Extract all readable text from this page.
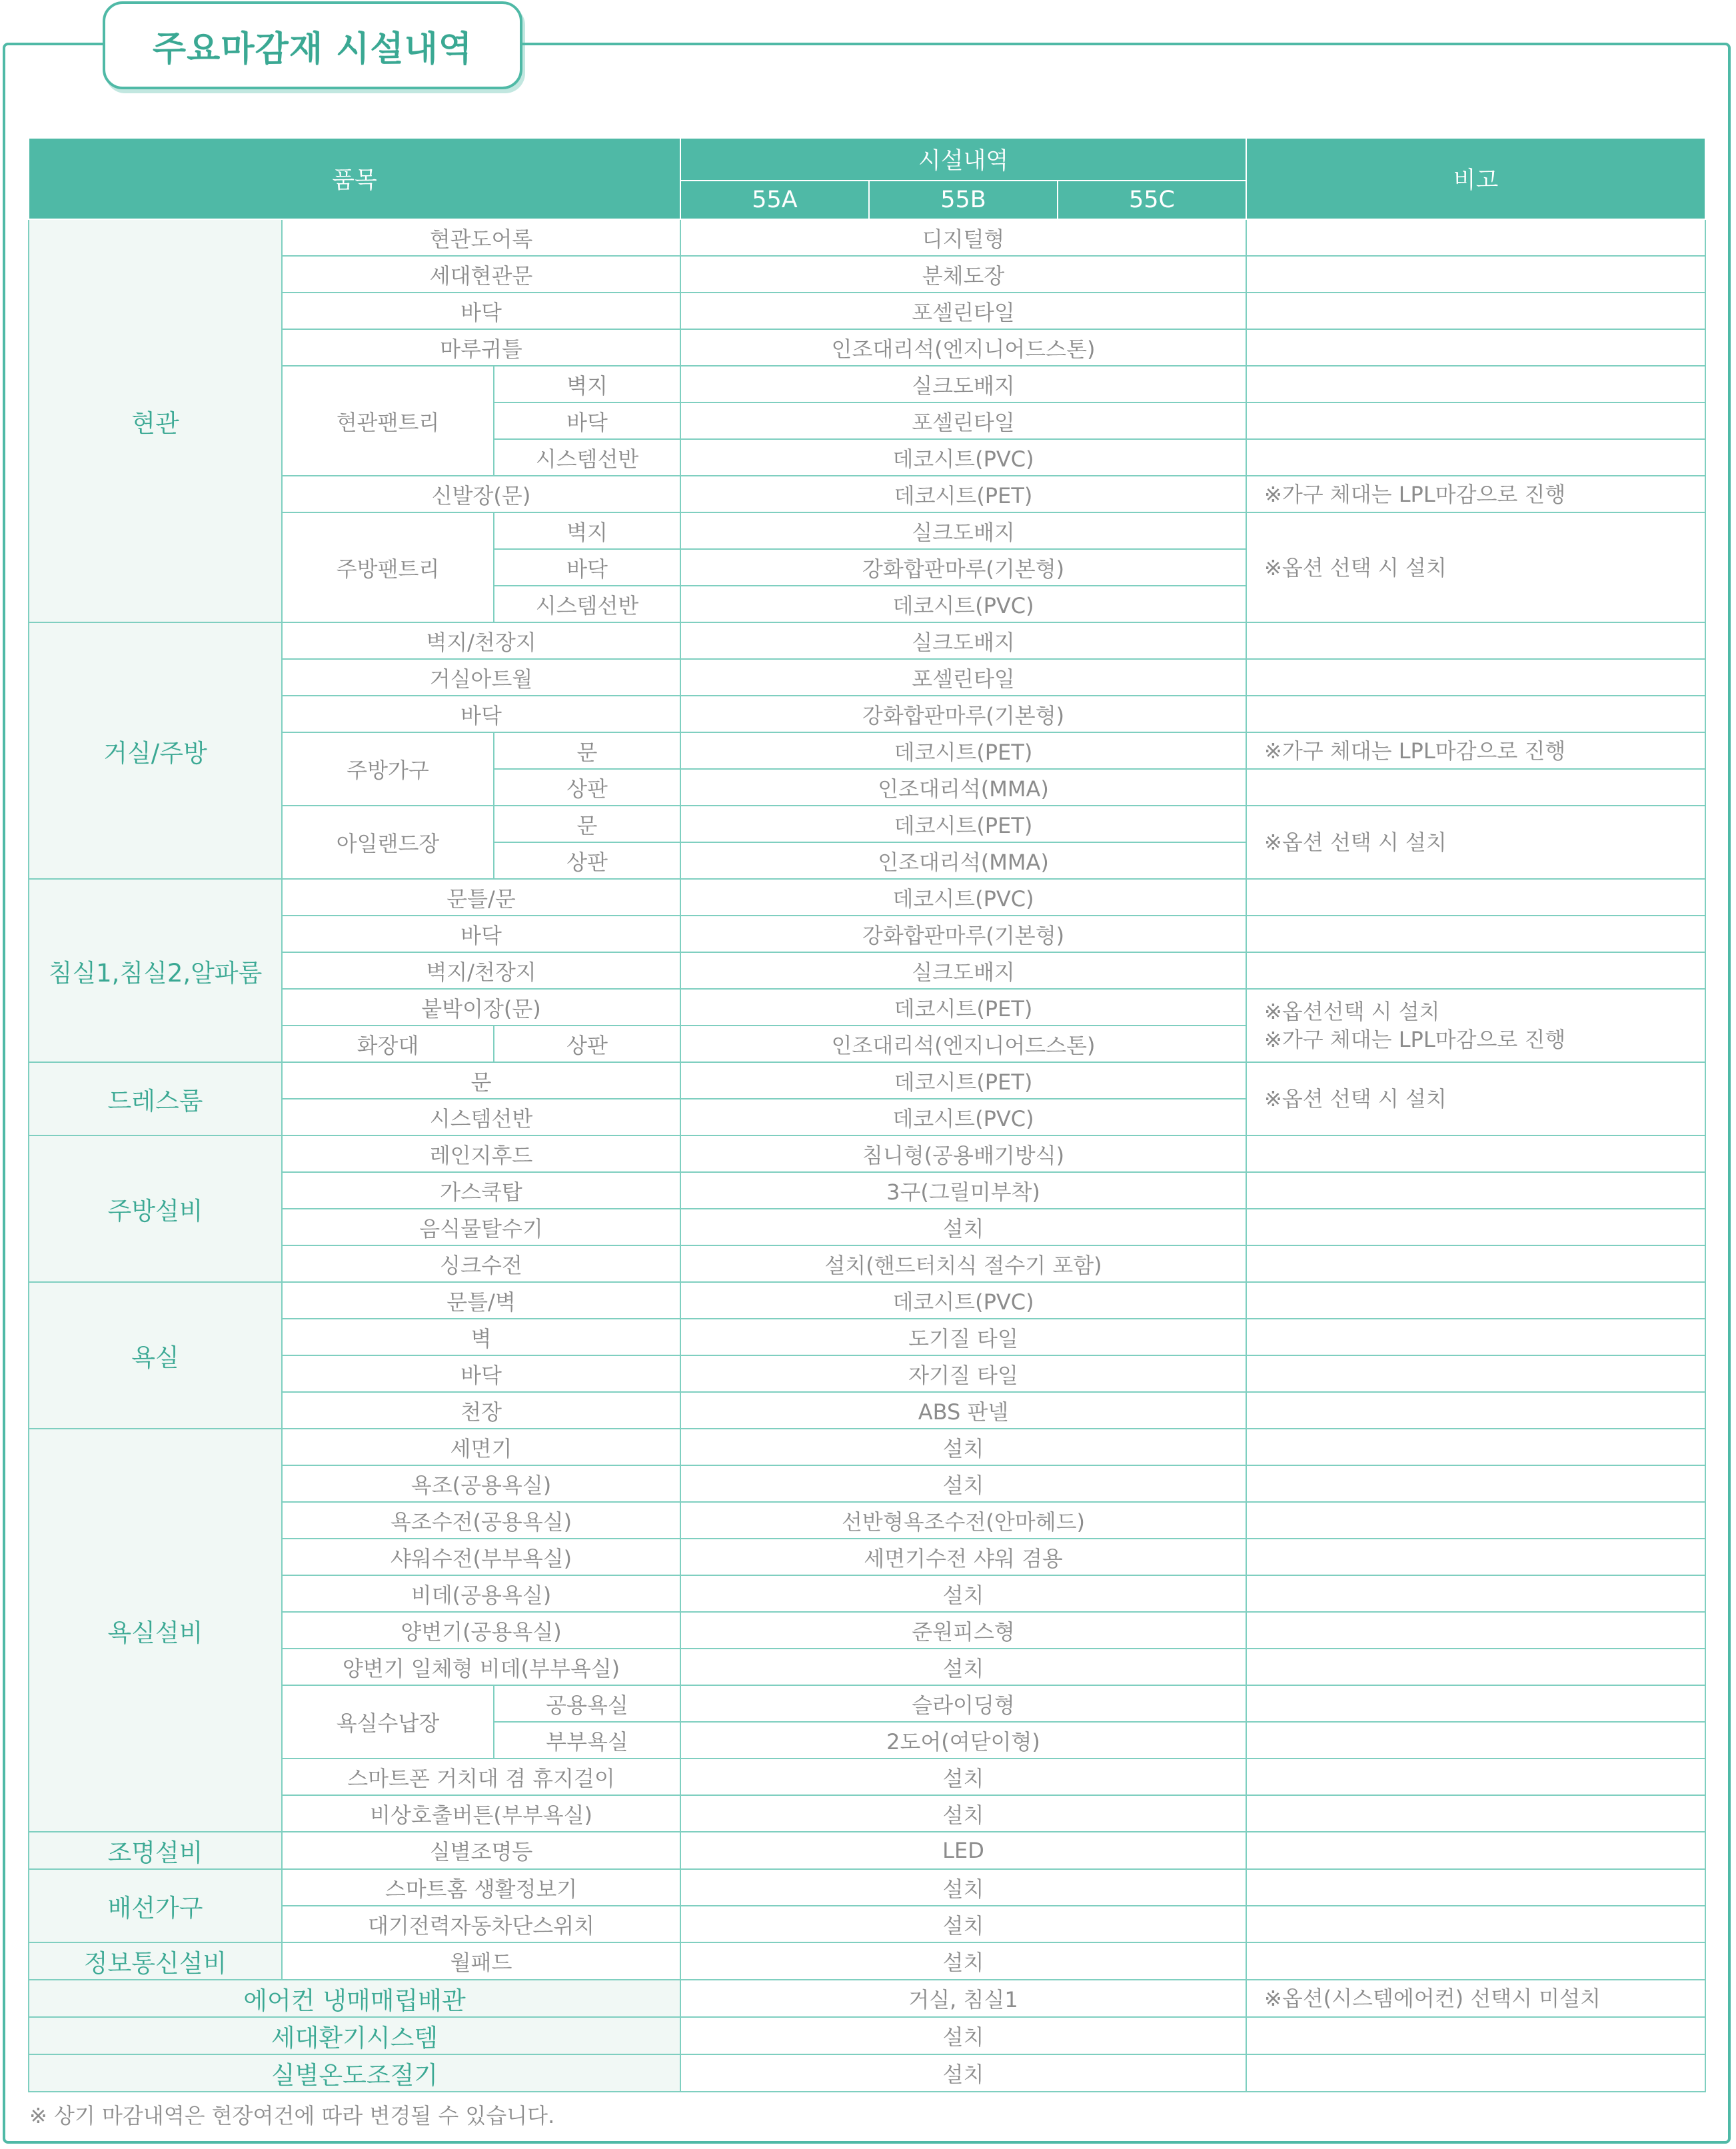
주요마감재 시설내역
품목			시설내역			비고
			55A	55B	55C	
현관	현관도어록		디지털형			
	세대현관문		분체도장			
	바닥		포셀린타일			
	마루귀틀		인조대리석(엔지니어드스톤)			
	현관팬트리	벽지	실크도배지			
		바닥	포셀린타일			
		시스템선반	데코시트(PVC)			
	신발장(문)		데코시트(PET)			※가구 체대는 LPL마감으로 진행
	주방팬트리	벽지	실크도배지			※옵션 선택 시 설치
		바닥	강화합판마루(기본형)			
		시스템선반	데코시트(PVC)			
거실/주방	벽지/천장지		실크도배지			
	거실아트월		포셀린타일			
	바닥		강화합판마루(기본형)			
	주방가구	문	데코시트(PET)			※가구 체대는 LPL마감으로 진행
		상판	인조대리석(MMA)			
	아일랜드장	문	데코시트(PET)			※옵션 선택 시 설치
		상판	인조대리석(MMA)			
침실1,침실2,알파룸	문틀/문		데코시트(PVC)			
	바닥		강화합판마루(기본형)			
	벽지/천장지		실크도배지			
	붙박이장(문)		데코시트(PET)			※옵션선택 시 설치
※가구 체대는 LPL마감으로 진행

	화장대	상판	인조대리석(엔지니어드스톤)			
드레스룸	문		데코시트(PET)			※옵션 선택 시 설치
	시스템선반		데코시트(PVC)			
주방설비	레인지후드		침니형(공용배기방식)			
	가스쿡탑		3구(그릴미부착)			
	음식물탈수기		설치			
	싱크수전		설치(핸드터치식 절수기 포함)			
욕실	문틀/벽		데코시트(PVC)			
	벽		도기질 타일			
	바닥		자기질 타일			
	천장		ABS 판넬			
욕실설비	세면기		설치			
	욕조(공용욕실)		설치			
	욕조수전(공용욕실)		선반형욕조수전(안마헤드)			
	샤워수전(부부욕실)		세면기수전 샤워 겸용			
	비데(공용욕실)		설치			
	양변기(공용욕실)		준원피스형			
	양변기 일체형 비데(부부욕실)		설치			
	욕실수납장	공용욕실	슬라이딩형			
		부부욕실	2도어(여닫이형)			
	스마트폰 거치대 겸 휴지걸이		설치			
	비상호출버튼(부부욕실)		설치			
조명설비	실별조명등		LED			
배선가구	스마트홈 생활정보기		설치			
	대기전력자동차단스위치		설치			
정보통신설비	월패드		설치			
에어컨 냉매매립배관			거실, 침실1			※옵션(시스템에어컨) 선택시 미설치
세대환기시스템			설치			
실별온도조절기			설치			
※ 상기 마감내역은 현장여건에 따라 변경될 수 있습니다.
